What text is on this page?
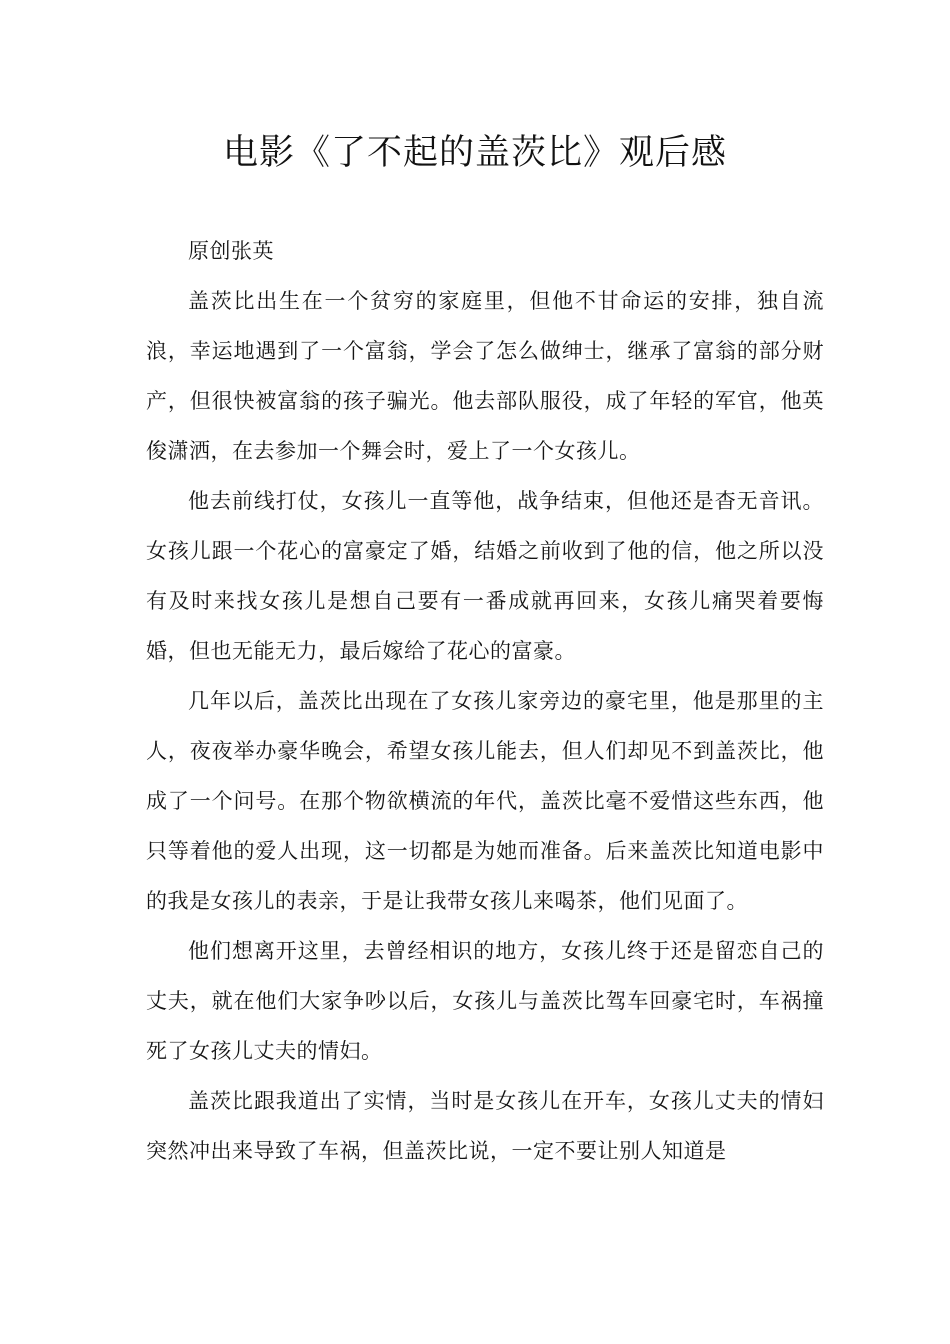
电影《了不起的盖茨比》观后感

原创张英

盖茨比出生在一个贫穷的家庭里，但他不甘命运的安排，独自流浪，幸运地遇到了一个富翁，学会了怎么做绅士，继承了富翁的部分财产，但很快被富翁的孩子骗光。他去部队服役，成了年轻的军官，他英俊潇洒，在去参加一个舞会时，爱上了一个女孩儿。

他去前线打仗，女孩儿一直等他，战争结束，但他还是杳无音讯。女孩儿跟一个花心的富豪定了婚，结婚之前收到了他的信，他之所以没有及时来找女孩儿是想自己要有一番成就再回来，女孩儿痛哭着要悔婚，但也无能无力，最后嫁给了花心的富豪。

几年以后，盖茨比出现在了女孩儿家旁边的豪宅里，他是那里的主人，夜夜举办豪华晚会，希望女孩儿能去，但人们却见不到盖茨比，他成了一个问号。在那个物欲横流的年代，盖茨比毫不爱惜这些东西，他只等着他的爱人出现，这一切都是为她而准备。后来盖茨比知道电影中的我是女孩儿的表亲，于是让我带女孩儿来喝茶，他们见面了。

他们想离开这里，去曾经相识的地方，女孩儿终于还是留恋自己的丈夫，就在他们大家争吵以后，女孩儿与盖茨比驾车回豪宅时，车祸撞死了女孩儿丈夫的情妇。

盖茨比跟我道出了实情，当时是女孩儿在开车，女孩儿丈夫的情妇突然冲出来导致了车祸，但盖茨比说，一定不要让别人知道是
